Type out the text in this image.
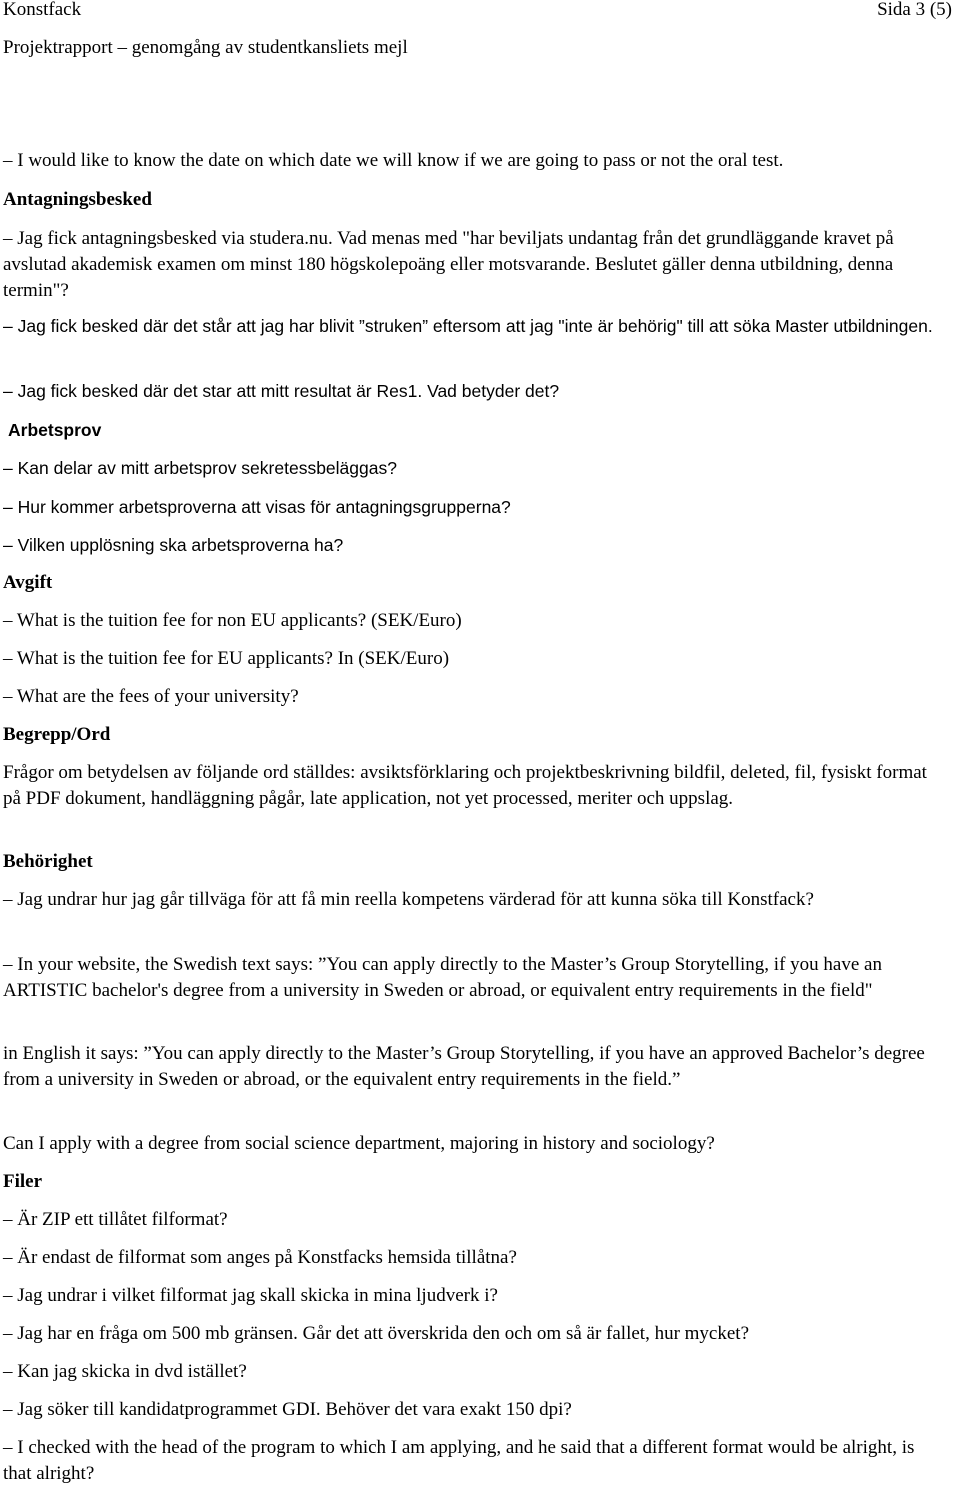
Konstfack	Sida 3 (5)

Projektrapport – genomgång av studentkansliets mejl

– I would like to know the date on which date we will know if we are going to pass or not the oral test.

Antagningsbesked

– Jag fick antagningsbesked via studera.nu. Vad menas med "har beviljats undantag från det grundläggande kravet på avslutad akademisk examen om minst 180 högskolepoäng eller motsvarande. Beslutet gäller denna utbildning, denna termin"?

– Jag fick besked där det står att jag har blivit ”struken” eftersom att jag "inte är behörig" till att söka Master utbildningen.

– Jag fick besked där det star att mitt resultat är Res1. Vad betyder det?

Arbetsprov

– Kan delar av mitt arbetsprov sekretessbeläggas?

– Hur kommer arbetsproverna att visas för antagningsgrupperna?

– Vilken upplösning ska arbetsproverna ha?

Avgift

– What is the tuition fee for non EU applicants? (SEK/Euro)

– What is the tuition fee for EU applicants? In (SEK/Euro)

– What are the fees of your university?

Begrepp/Ord

Frågor om betydelsen av följande ord ställdes: avsiktsförklaring och projektbeskrivning bildfil, deleted, fil, fysiskt format på PDF dokument, handläggning pågår, late application, not yet processed, meriter och uppslag.

Behörighet

– Jag undrar hur jag går tillväga för att få min reella kompetens värderad för att kunna söka till Konstfack?

– In your website, the Swedish text says: ”You can apply directly to the Master’s Group Storytelling, if you have an ARTISTIC bachelor's degree from a university in Sweden or abroad, or equivalent entry requirements in the field"

in English it says: ”You can apply directly to the Master’s Group Storytelling, if you have an approved Bachelor’s degree from a university in Sweden or abroad, or the equivalent entry requirements in the field.”

Can I apply with a degree from social science department, majoring in history and sociology?

Filer

– Är ZIP ett tillåtet filformat?

– Är endast de filformat som anges på Konstfacks hemsida tillåtna?

– Jag undrar i vilket filformat jag skall skicka in mina ljudverk i?

– Jag har en fråga om 500 mb gränsen. Går det att överskrida den och om så är fallet, hur mycket?

– Kan jag skicka in dvd istället?

– Jag söker till kandidatprogrammet GDI. Behöver det vara exakt 150 dpi?

– I checked with the head of the program to which I am applying, and he said that a different format would be alright, is that alright?
